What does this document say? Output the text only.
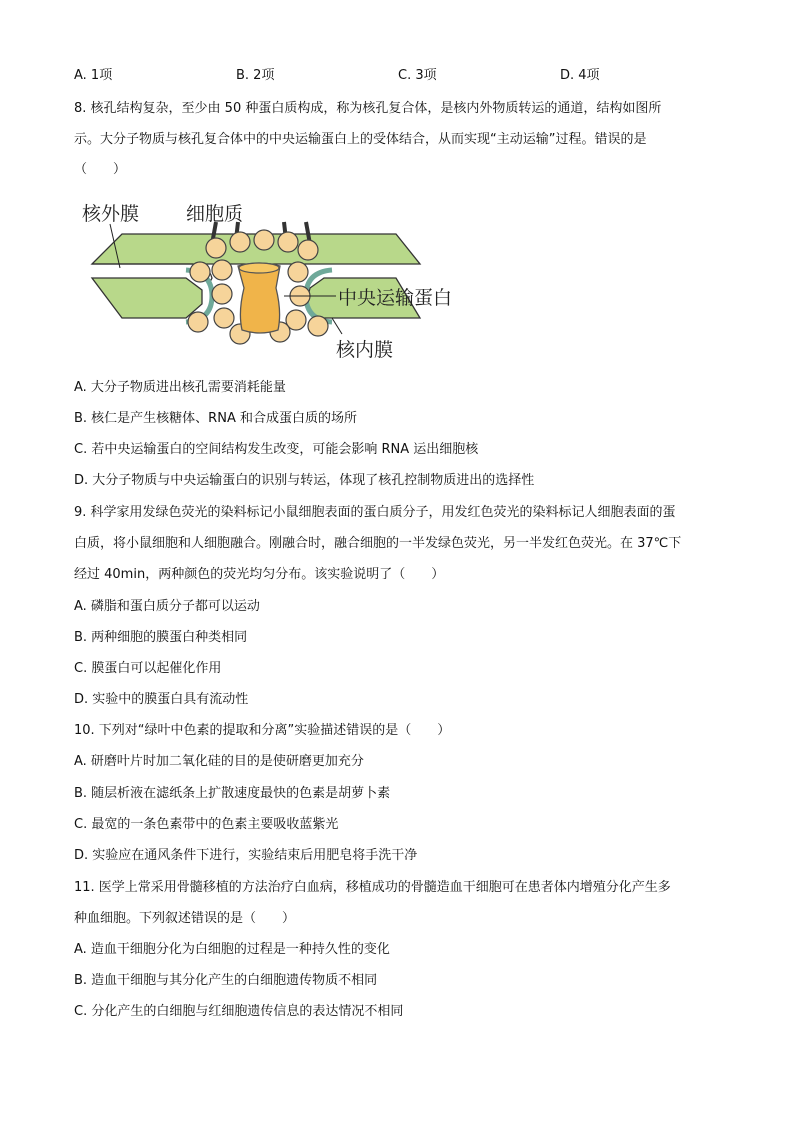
A. 1项	B. 2项	C. 3项	D. 4项
8. 核孔结构复杂，至少由 50 种蛋白质构成，称为核孔复合体，是核内外物质转运的通道，结构如图所
示。大分子物质与核孔复合体中的中央运输蛋白上的受体结合，从而实现“主动运输”过程。错误的是
（　　）
核外膜 细胞质
中央运输蛋白
核内膜
A. 大分子物质进出核孔需要消耗能量
B. 核仁是产生核糖体、RNA 和合成蛋白质的场所
C. 若中央运输蛋白的空间结构发生改变，可能会影响 RNA 运出细胞核
D. 大分子物质与中央运输蛋白的识别与转运，体现了核孔控制物质进出的选择性
9. 科学家用发绿色荧光的染料标记小鼠细胞表面的蛋白质分子，用发红色荧光的染料标记人细胞表面的蛋
白质，将小鼠细胞和人细胞融合。刚融合时，融合细胞的一半发绿色荧光，另一半发红色荧光。在 37℃下
经过 40min，两种颜色的荧光均匀分布。该实验说明了（　　）
A. 磷脂和蛋白质分子都可以运动
B. 两种细胞的膜蛋白种类相同
C. 膜蛋白可以起催化作用
D. 实验中的膜蛋白具有流动性
10. 下列对“绿叶中色素的提取和分离”实验描述错误的是（　　）
A. 研磨叶片时加二氧化硅的目的是使研磨更加充分
B. 随层析液在滤纸条上扩散速度最快的色素是胡萝卜素
C. 最宽的一条色素带中的色素主要吸收蓝紫光
D. 实验应在通风条件下进行，实验结束后用肥皂将手洗干净
11. 医学上常采用骨髓移植的方法治疗白血病，移植成功的骨髓造血干细胞可在患者体内增殖分化产生多
种血细胞。下列叙述错误的是（　　）
A. 造血干细胞分化为白细胞的过程是一种持久性的变化
B. 造血干细胞与其分化产生的白细胞遗传物质不相同
C. 分化产生的白细胞与红细胞遗传信息的表达情况不相同
